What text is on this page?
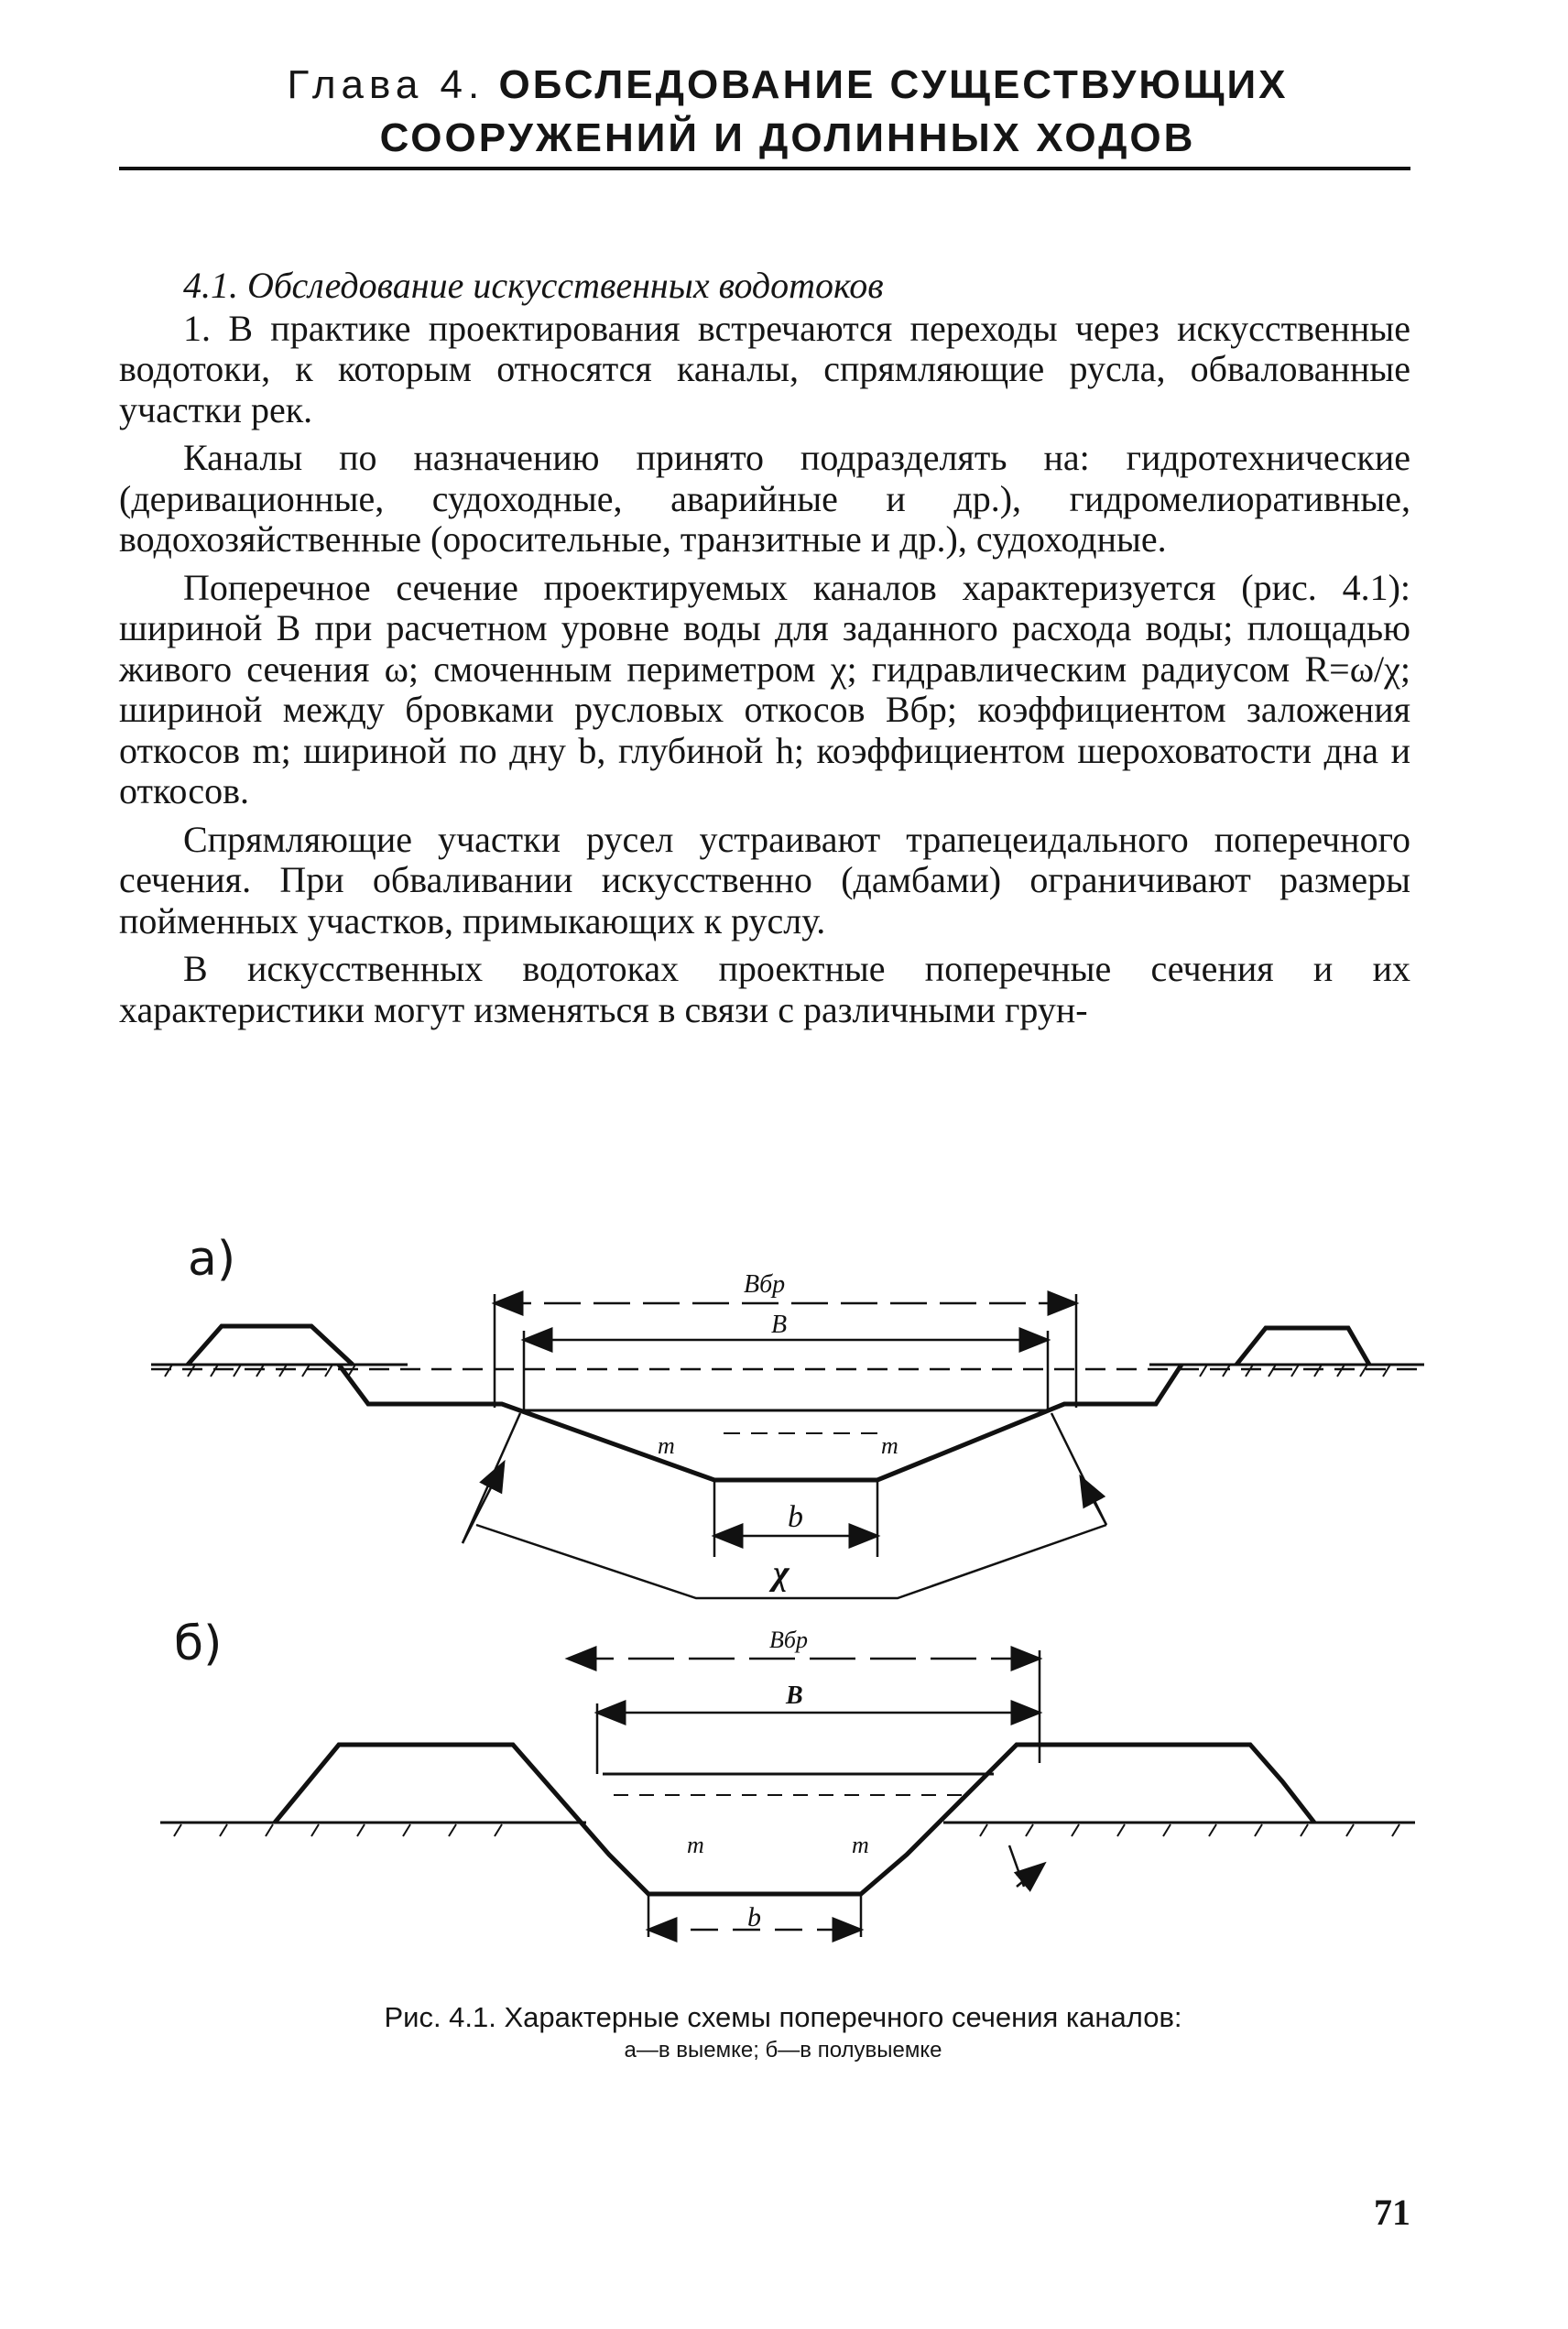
Глава 4. ОБСЛЕДОВАНИЕ СУЩЕСТВУЮЩИХ
СООРУЖЕНИЙ И ДОЛИННЫХ ХОДОВ

4.1. Обследование искусственных водотоков

1. В практике проектирования встречаются переходы через искусственные водотоки, к которым относятся каналы, спрямляющие русла, обвалованные участки рек.

Каналы по назначению принято подразделять на: гидротехнические (деривационные, судоходные, аварийные и др.), гидромелиоративные, водохозяйственные (оросительные, транзитные и др.), судоходные.

Поперечное сечение проектируемых каналов характеризуется (рис. 4.1): шириной B при расчетном уровне воды для заданного расхода воды; площадью живого сечения ω; смоченным периметром χ; гидравлическим радиусом R=ω/χ; шириной между бровками русловых откосов Bбр; коэффициентом заложения откосов m; шириной по дну b, глубиной h; коэффициентом шероховатости дна и откосов.

Спрямляющие участки русел устраивают трапецеидального поперечного сечения. При обваливании искусственно (дамбами) ограничивают размеры пойменных участков, примыкающих к руслу.

В искусственных водотоках проектные поперечные сечения и их характеристики могут изменяться в связи с различными грун-

а)
б)
Bбр
B
m	m
b
χ
Bбр
B
m	m
b
Рис. 4.1. Характерные схемы поперечного сечения каналов:
а—в выемке; б—в полувыемке
71
